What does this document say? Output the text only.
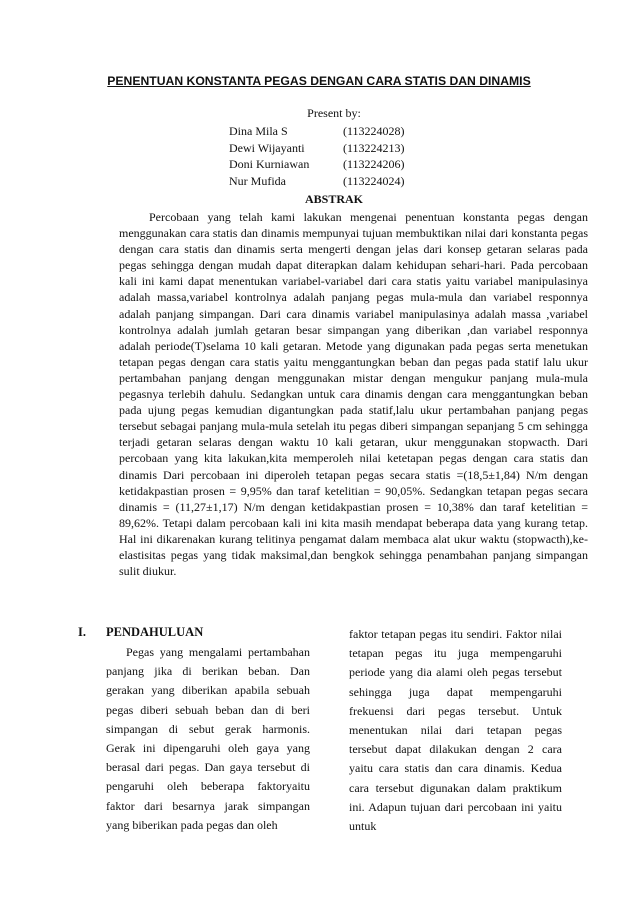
PENENTUAN KONSTANTA PEGAS DENGAN CARA STATIS DAN DINAMIS
Present by:
Dina Mila S	(113224028)
Dewi Wijayanti	(113224213)
Doni Kurniawan	(113224206)
Nur Mufida	(113224024)
ABSTRAK

Percobaan yang telah kami lakukan mengenai penentuan konstanta pegas dengan menggunakan cara statis dan dinamis mempunyai tujuan membuktikan nilai dari konstanta pegas dengan cara statis dan dinamis serta mengerti dengan jelas dari konsep getaran selaras pada pegas sehingga dengan mudah dapat diterapkan dalam kehidupan sehari-hari. Pada percobaan kali ini kami dapat menentukan variabel-variabel dari cara statis yaitu variabel manipulasinya adalah massa,variabel kontrolnya adalah panjang pegas mula-mula dan variabel responnya adalah panjang simpangan. Dari cara dinamis variabel manipulasinya adalah massa ,variabel kontrolnya adalah jumlah getaran besar simpangan yang diberikan ,dan variabel responnya adalah periode(T)selama 10 kali getaran. Metode yang digunakan pada pegas serta menetukan tetapan pegas dengan cara statis yaitu menggantungkan beban dan pegas pada statif lalu ukur pertambahan panjang dengan menggunakan mistar dengan mengukur panjang mula-mula pegasnya terlebih dahulu. Sedangkan untuk cara dinamis dengan cara menggantungkan beban pada ujung pegas kemudian digantungkan pada statif,lalu ukur pertambahan panjang pegas tersebut sebagai panjang mula-mula setelah itu pegas diberi simpangan sepanjang 5 cm sehingga terjadi getaran selaras dengan waktu 10 kali getaran, ukur menggunakan stopwacth. Dari percobaan yang kita lakukan,kita memperoleh nilai ketetapan pegas dengan cara statis dan dinamis Dari percobaan ini diperoleh tetapan pegas secara statis =(18,5±1,84) N/m dengan ketidakpastian prosen = 9,95% dan taraf ketelitian = 90,05%. Sedangkan tetapan pegas secara dinamis = (11,27±1,17) N/m dengan ketidakpastian prosen = 10,38% dan taraf ketelitian = 89,62%. Tetapi dalam percobaan kali ini kita masih mendapat beberapa data yang kurang tetap. Hal ini dikarenakan kurang telitinya pengamat dalam membaca alat ukur waktu (stopwacth),ke-elastisitas pegas yang tidak maksimal,dan bengkok sehingga penambahan panjang simpangan sulit diukur.

I. PENDAHULUAN

Pegas yang mengalami pertambahan panjang jika di berikan beban. Dan gerakan yang diberikan apabila sebuah pegas diberi sebuah beban dan di beri simpangan di sebut gerak harmonis. Gerak ini dipengaruhi oleh gaya yang berasal dari pegas. Dan gaya tersebut di pengaruhi oleh beberapa faktoryaitu faktor dari besarnya jarak simpangan yang biberikan pada pegas dan oleh

faktor tetapan pegas itu sendiri. Faktor nilai tetapan pegas itu juga mempengaruhi periode yang dia alami oleh pegas tersebut sehingga juga dapat mempengaruhi frekuensi dari pegas tersebut. Untuk menentukan nilai dari tetapan pegas tersebut dapat dilakukan dengan 2 cara yaitu cara statis dan cara dinamis. Kedua cara tersebut digunakan dalam praktikum ini. Adapun tujuan dari percobaan ini yaitu untuk
